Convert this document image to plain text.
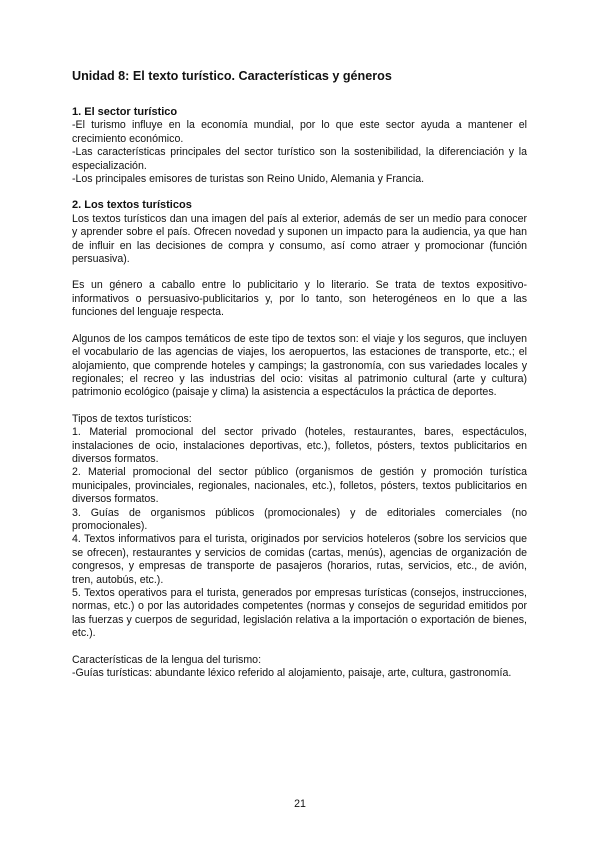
Unidad 8: El texto turístico. Características y géneros
1. El sector turístico

-El turismo influye en la economía mundial, por lo que este sector ayuda a mantener el crecimiento económico.

-Las características principales del sector turístico son la sostenibilidad, la diferenciación y la especialización.

-Los principales emisores de turistas son Reino Unido, Alemania y Francia.

2. Los textos turísticos

Los textos turísticos dan una imagen del país al exterior, además de ser un medio para conocer y aprender sobre el país. Ofrecen novedad y suponen un impacto para la audiencia, ya que han de influir en las decisiones de compra y consumo, así como atraer y promocionar (función persuasiva).

Es un género a caballo entre lo publicitario y lo literario. Se trata de textos expositivo-informativos o persuasivo-publicitarios y, por lo tanto, son heterogéneos en lo que a las funciones del lenguaje respecta.

Algunos de los campos temáticos de este tipo de textos son: el viaje y los seguros, que incluyen el vocabulario de las agencias de viajes, los aeropuertos, las estaciones de transporte, etc.; el alojamiento, que comprende hoteles y campings; la gastronomía, con sus variedades locales y regionales; el recreo y las industrias del ocio: visitas al patrimonio cultural (arte y cultura) patrimonio ecológico (paisaje y clima) la asistencia a espectáculos la práctica de deportes.

Tipos de textos turísticos:

1. Material promocional del sector privado (hoteles, restaurantes, bares, espectáculos, instalaciones de ocio, instalaciones deportivas, etc.), folletos, pósters, textos publicitarios en diversos formatos.

2. Material promocional del sector público (organismos de gestión y promoción turística municipales, provinciales, regionales, nacionales, etc.), folletos, pósters, textos publicitarios en diversos formatos.

3. Guías de organismos públicos (promocionales) y de editoriales comerciales (no promocionales).

4. Textos informativos para el turista, originados por servicios hoteleros (sobre los servicios que se ofrecen), restaurantes y servicios de comidas (cartas, menús), agencias de organización de congresos, y empresas de transporte de pasajeros (horarios, rutas, servicios, etc., de avión, tren, autobús, etc.).

5. Textos operativos para el turista, generados por empresas turísticas (consejos, instrucciones, normas, etc.) o por las autoridades competentes (normas y consejos de seguridad emitidos por las fuerzas y cuerpos de seguridad, legislación relativa a la importación o exportación de bienes, etc.).

Características de la lengua del turismo:

-Guías turísticas: abundante léxico referido al alojamiento, paisaje, arte, cultura, gastronomía.

21
